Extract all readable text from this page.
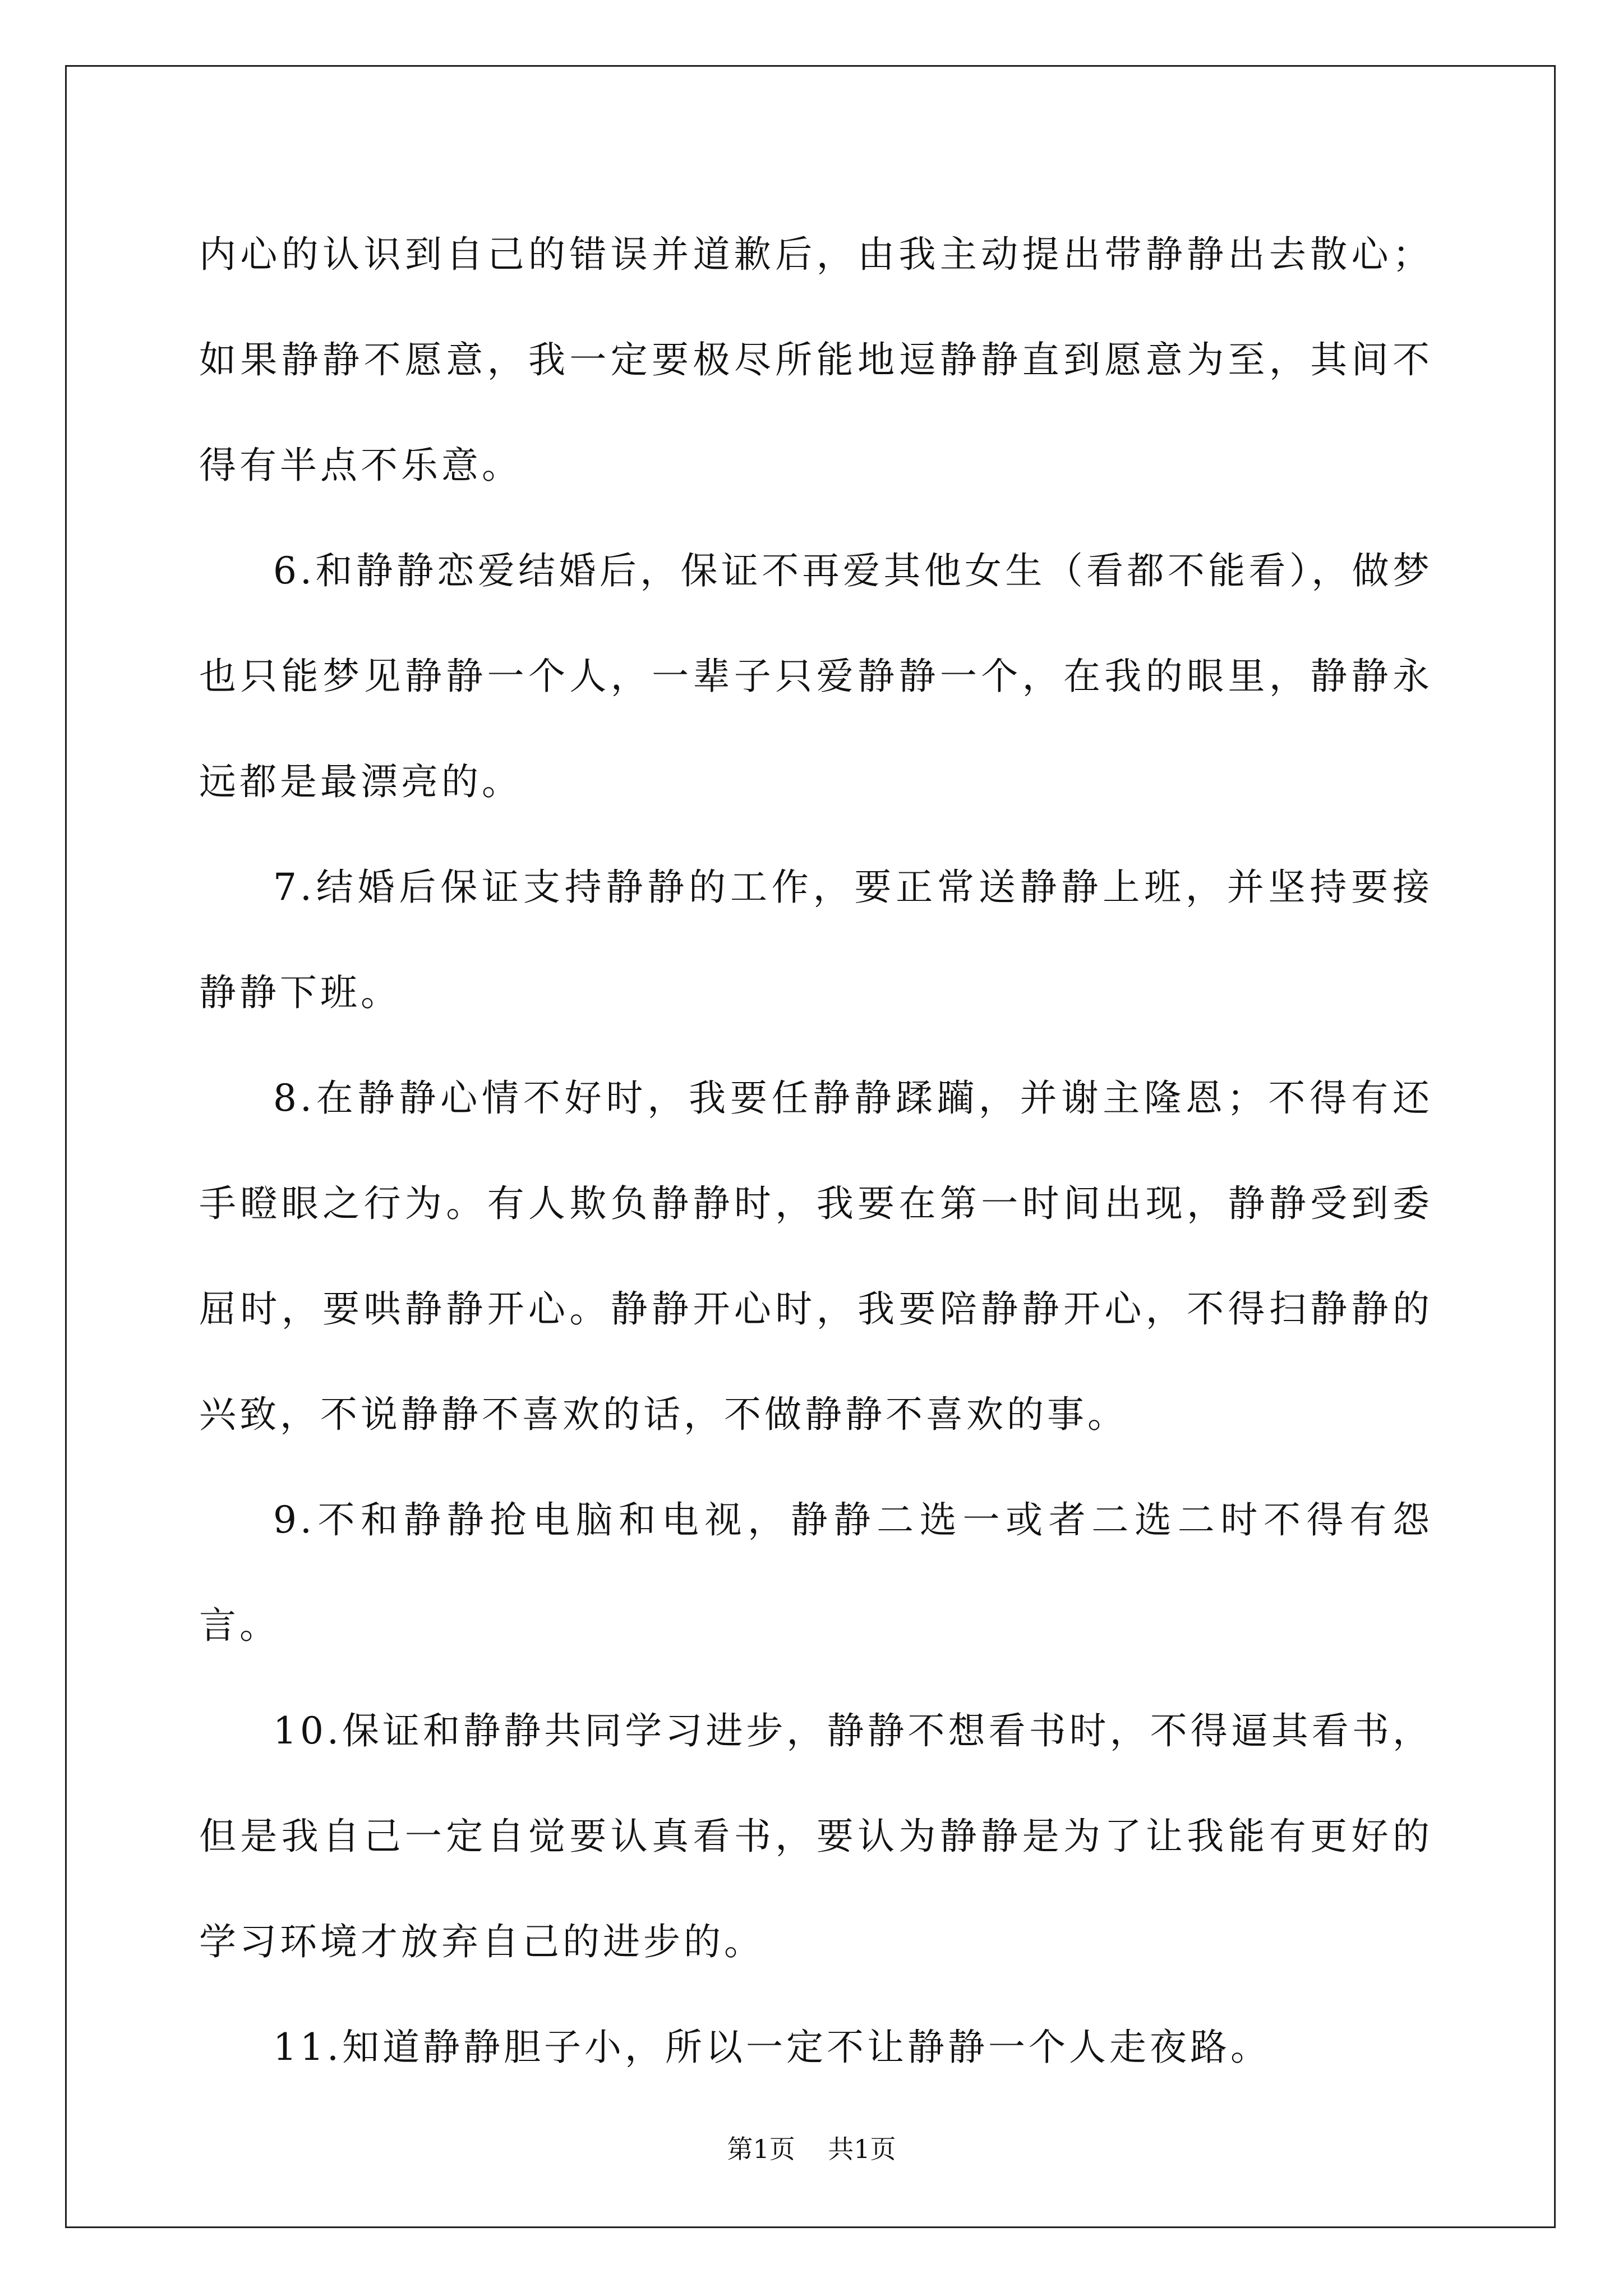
内心的认识到自己的错误并道歉后，由我主动提出带静静出去散心；如果静静不愿意，我一定要极尽所能地逗静静直到愿意为至，其间不得有半点不乐意。

6.和静静恋爱结婚后，保证不再爱其他女生（看都不能看），做梦也只能梦见静静一个人，一辈子只爱静静一个，在我的眼里，静静永远都是最漂亮的。

7.结婚后保证支持静静的工作，要正常送静静上班，并坚持要接静静下班。

8.在静静心情不好时，我要任静静蹂躏，并谢主隆恩；不得有还手瞪眼之行为。有人欺负静静时，我要在第一时间出现，静静受到委屈时，要哄静静开心。静静开心时，我要陪静静开心，不得扫静静的兴致，不说静静不喜欢的话，不做静静不喜欢的事。

9.不和静静抢电脑和电视，静静二选一或者二选二时不得有怨言。

10.保证和静静共同学习进步，静静不想看书时，不得逼其看书，但是我自己一定自觉要认真看书，要认为静静是为了让我能有更好的学习环境才放弃自己的进步的。

11.知道静静胆子小，所以一定不让静静一个人走夜路。

第1页 共1页
